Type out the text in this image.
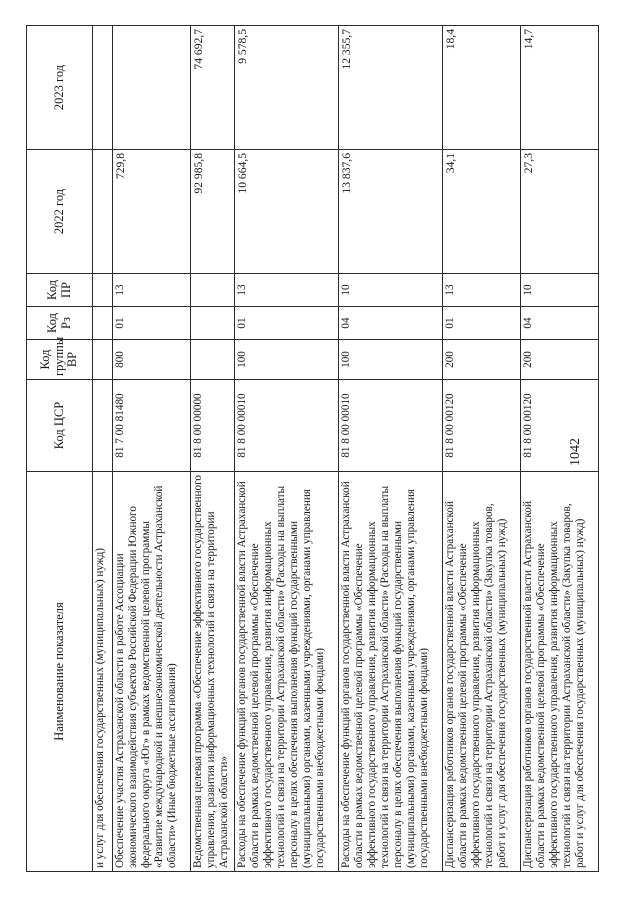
Наименование показателя	Код ЦСР	Код группы ВР	Код Рз	Код ПР	2022 год	2023 год
и услуг для обеспечения государственных (муниципальных) нужд)						
Обеспечение участия Астраханской области в работе Ассоциации экономического взаимодействия субъектов Российской Федерации Южного федерального округа «Юг» в рамках ведомственной целевой программы «Развитие международной и внешнеэкономической деятельности Астраханской области» (Иные бюджетные ассигнования)	81 7 00 81480	800	01	13	729,8	
Ведомственная целевая программа «Обеспечение эффективного государственного управления, развития информационных технологий и связи на территории Астраханской области»	81 8 00 00000				92 985,8	74 692,7
Расходы на обеспечение функций органов государственной власти Астраханской области в рамках ведомственной целевой программы «Обеспечение эффективного государственного управления, развития информационных технологий и связи на территории Астраханской области» (Расходы на выплаты персоналу в целях обеспечения выполнения функций государственными (муниципальными) органами, казенными учреждениями, органами управления государственными внебюджетными фондами)	81 8 00 00010	100	01	13	10 664,5	9 578,5
Расходы на обеспечение функций органов государственной власти Астраханской области в рамках ведомственной целевой программы «Обеспечение эффективного государственного управления, развития информационных технологий и связи на территории Астраханской области» (Расходы на выплаты персоналу в целях обеспечения выполнения функций государственными (муниципальными) органами, казенными учреждениями, органами управления государственными внебюджетными фондами)	81 8 00 00010	100	04	10	13 837,6	12 355,7
Диспансеризация работников органов государственной власти Астраханской области в рамках ведомственной целевой программы «Обеспечение эффективного государственного управления, развития информационных технологий и связи на территории Астраханской области» (Закупка товаров, работ и услуг для обеспечения государственных (муниципальных) нужд)	81 8 00 00120	200	01	13	34,1	18,4
Диспансеризация работников органов государственной власти Астраханской области в рамках ведомственной целевой программы «Обеспечение эффективного государственного управления, развития информационных технологий и связи на территории Астраханской области» (Закупка товаров, работ и услуг для обеспечения государственных (муниципальных) нужд)	81 8 00 00120	200	04	10	27,3	14,7
1042
